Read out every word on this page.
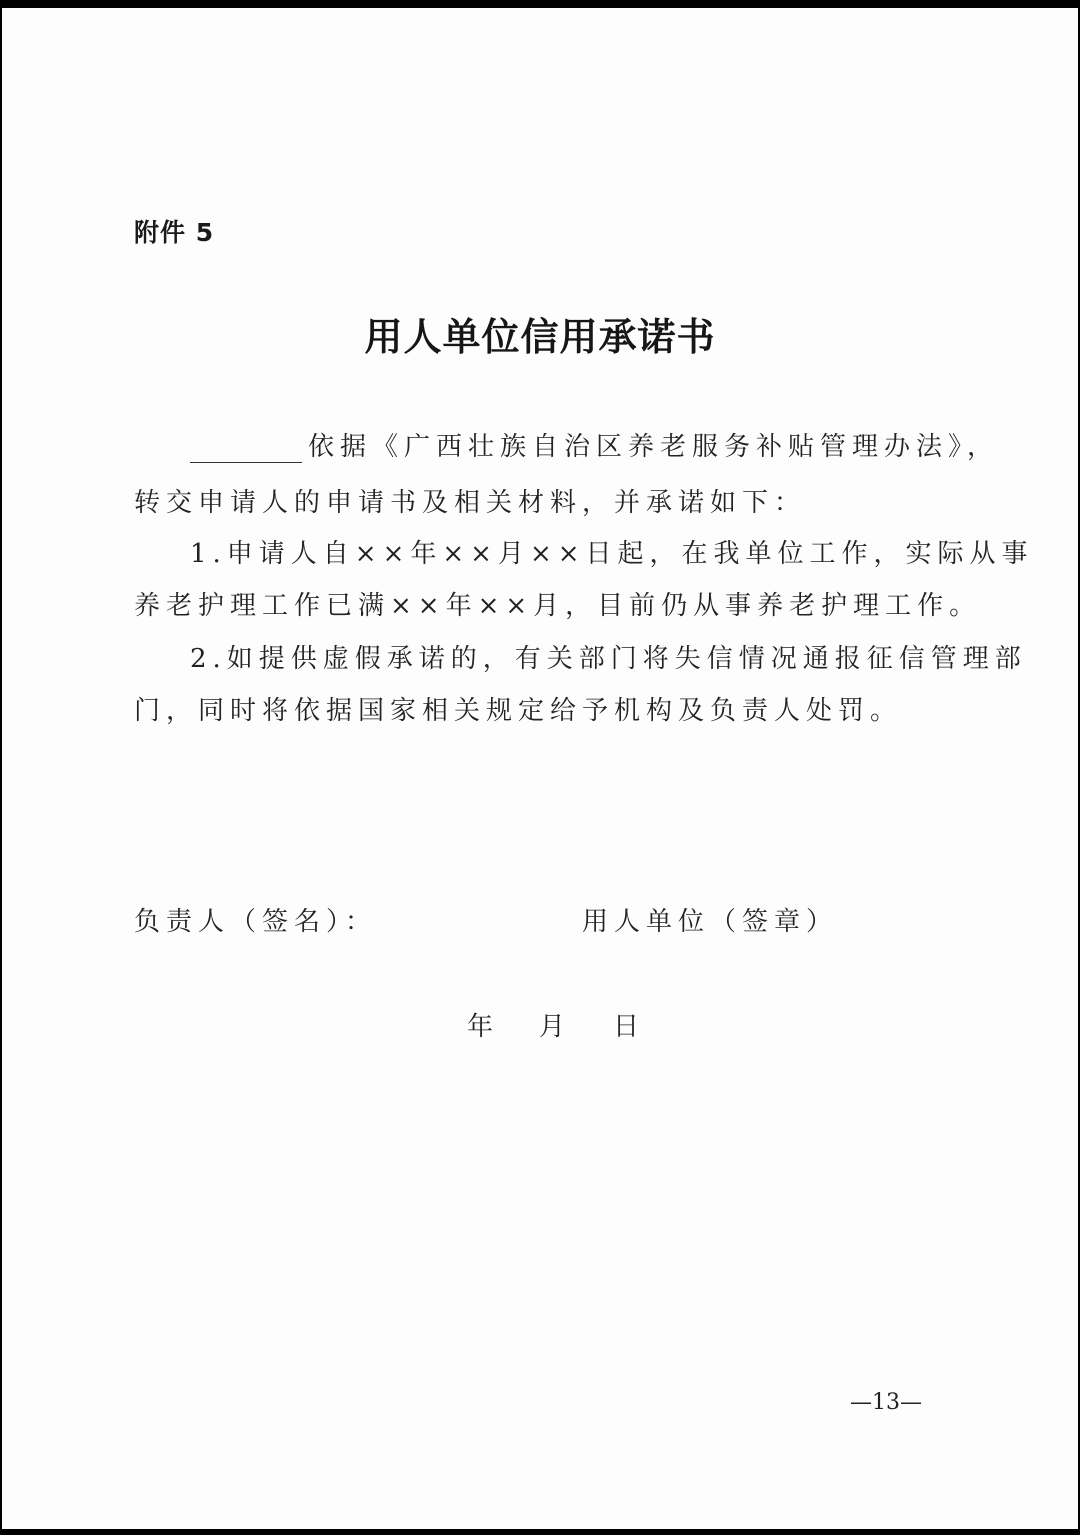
附件 5
用人单位信用承诺书
依据《广西壮族自治区养老服务补贴管理办法》，
转交申请人的申请书及相关材料，并承诺如下：
1.申请人自××年××月××日起，在我单位工作，实际从事
养老护理工作已满××年××月，目前仍从事养老护理工作。
2.如提供虚假承诺的，有关部门将失信情况通报征信管理部
门，同时将依据国家相关规定给予机构及负责人处罚。
负责人（签名）：	用人单位（签章）
年 月 日
—13—
